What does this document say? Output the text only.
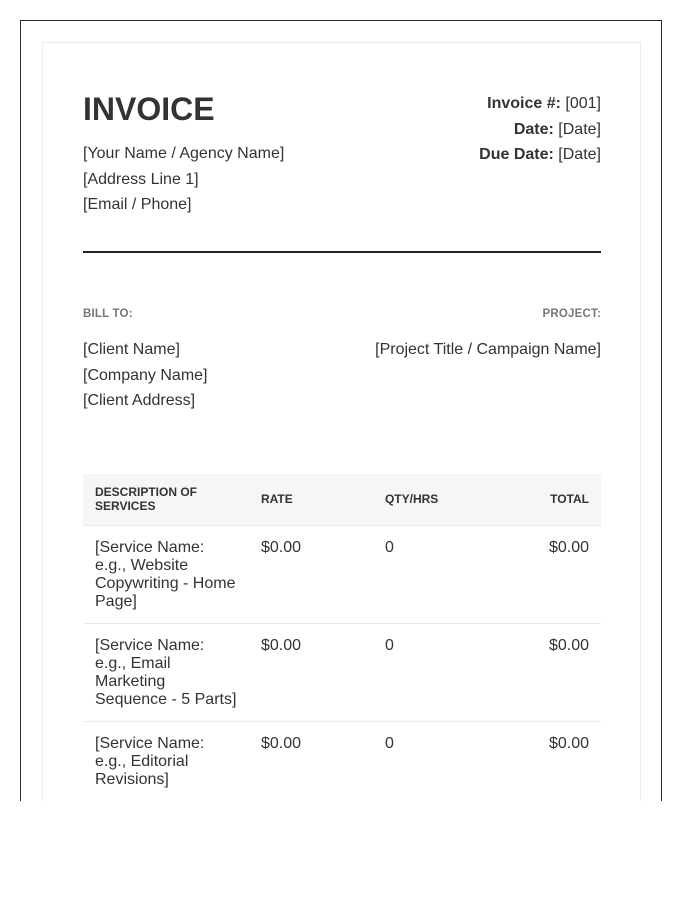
INVOICE
[Your Name / Agency Name]
[Address Line 1]
[Email / Phone]
Invoice #: [001]
Date: [Date]
Due Date: [Date]
BILL TO:
[Client Name]
[Company Name]
[Client Address]
PROJECT:
[Project Title / Campaign Name]
DESCRIPTION OF SERVICES	RATE	QTY/HRS	TOTAL
[Service Name: e.g., Website Copywriting - Home Page]	$0.00	0	$0.00
[Service Name: e.g., Email Marketing Sequence - 5 Parts]	$0.00	0	$0.00
[Service Name: e.g., Editorial Revisions]	$0.00	0	$0.00
